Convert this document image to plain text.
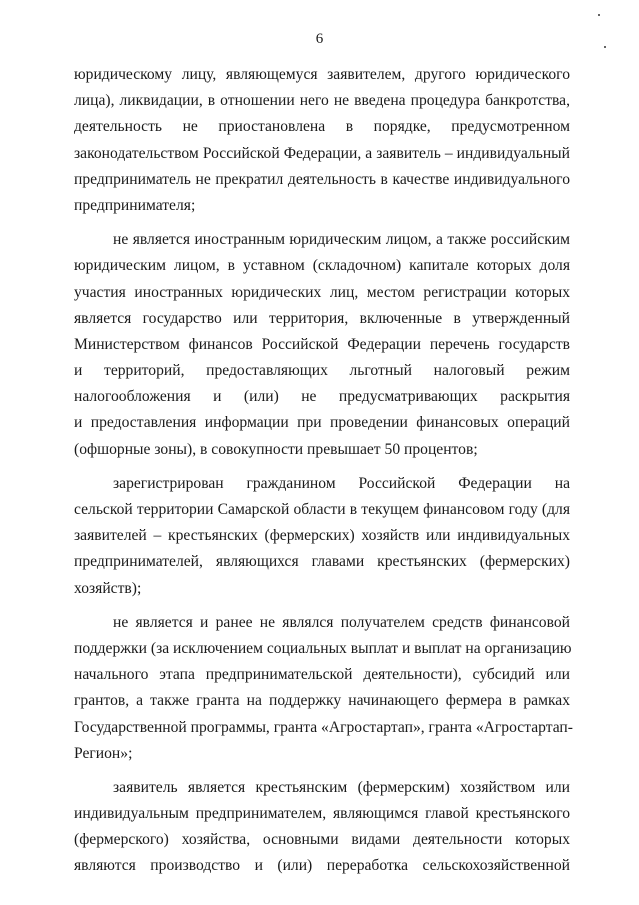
6
юридическому лицу, являющемуся заявителем, другого юридического
лица), ликвидации, в отношении него не введена процедура банкротства,
деятельность не приостановлена в порядке, предусмотренном
законодательством Российской Федерации, а заявитель – индивидуальный
предприниматель не прекратил деятельность в качестве индивидуального
предпринимателя;
не является иностранным юридическим лицом, а также российским
юридическим лицом, в уставном (складочном) капитале которых доля
участия иностранных юридических лиц, местом регистрации которых
является государство или территория, включенные в утвержденный
Министерством финансов Российской Федерации перечень государств
и территорий, предоставляющих льготный налоговый режим
налогообложения и (или) не предусматривающих раскрытия
и предоставления информации при проведении финансовых операций
(офшорные зоны), в совокупности превышает 50 процентов;
зарегистрирован гражданином Российской Федерации на
сельской территории Самарской области в текущем финансовом году (для
заявителей – крестьянских (фермерских) хозяйств или индивидуальных
предпринимателей, являющихся главами крестьянских (фермерских)
хозяйств);
не является и ранее не являлся получателем средств финансовой
поддержки (за исключением социальных выплат и выплат на организацию
начального этапа предпринимательской деятельности), субсидий или
грантов, а также гранта на поддержку начинающего фермера в рамках
Государственной программы, гранта «Агростартап», гранта «Агростартап-
Регион»;
заявитель является крестьянским (фермерским) хозяйством или
индивидуальным предпринимателем, являющимся главой крестьянского
(фермерского) хозяйства, основными видами деятельности которых
являются производство и (или) переработка сельскохозяйственной
